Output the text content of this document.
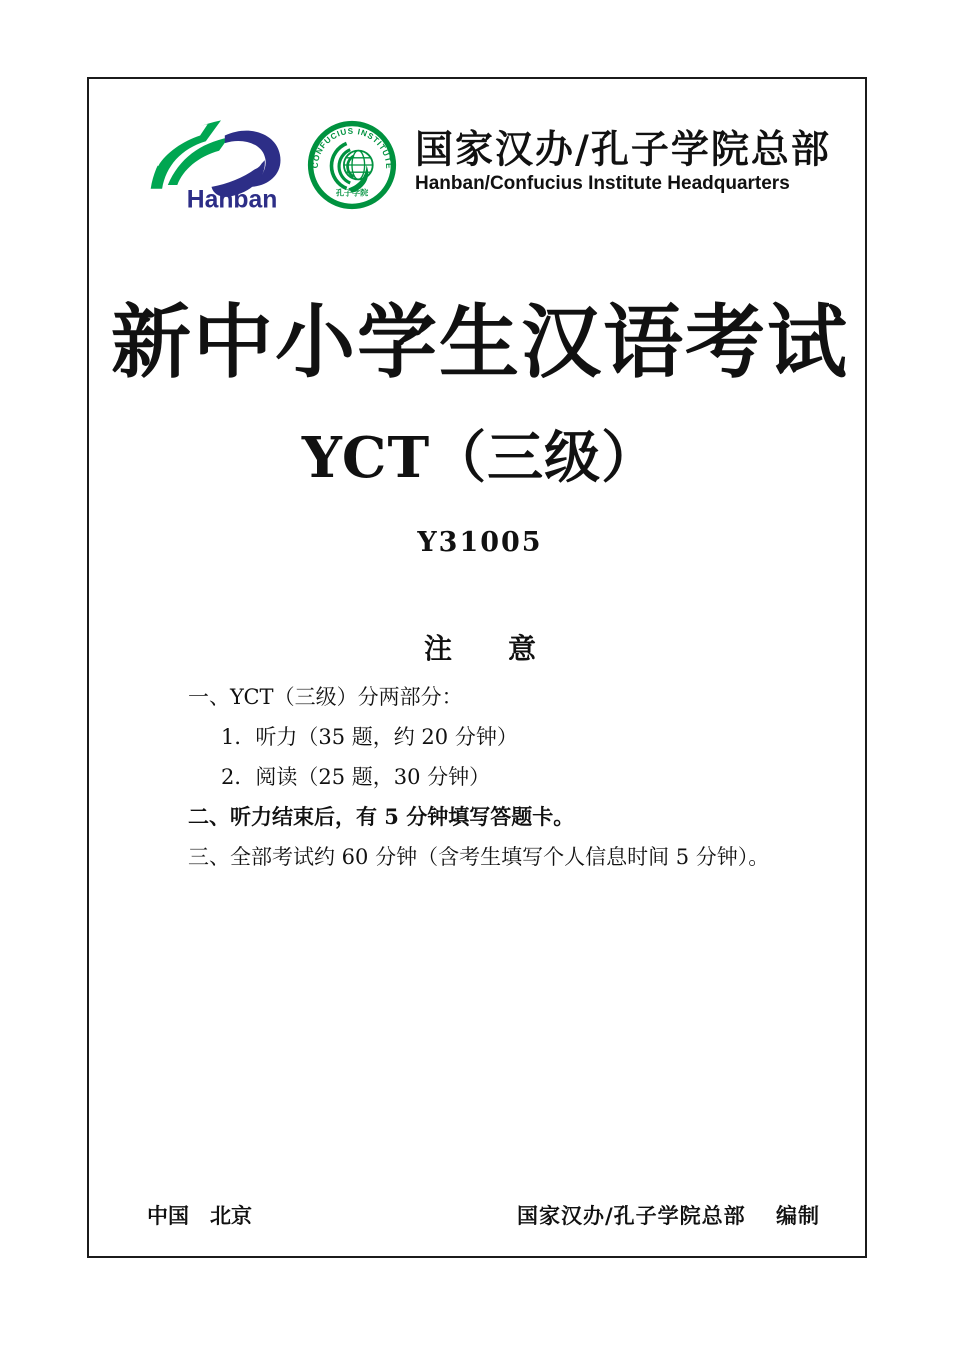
Hanban
CONFUCIUS INSTITUTE
孔子学院
国家汉办/孔子学院总部
Hanban/Confucius Institute Headquarters
新中小学生汉语考试
YCT（三级）
Y31005
注　　意
一、YCT（三级）分两部分：
1．听力（35 题，约 20 分钟）
2．阅读（25 题，30 分钟）
二、听力结束后，有 5 分钟填写答题卡。
三、全部考试约 60 分钟（含考生填写个人信息时间 5 分钟）。
中国　北京	国家汉办/孔子学院总部　 编制
